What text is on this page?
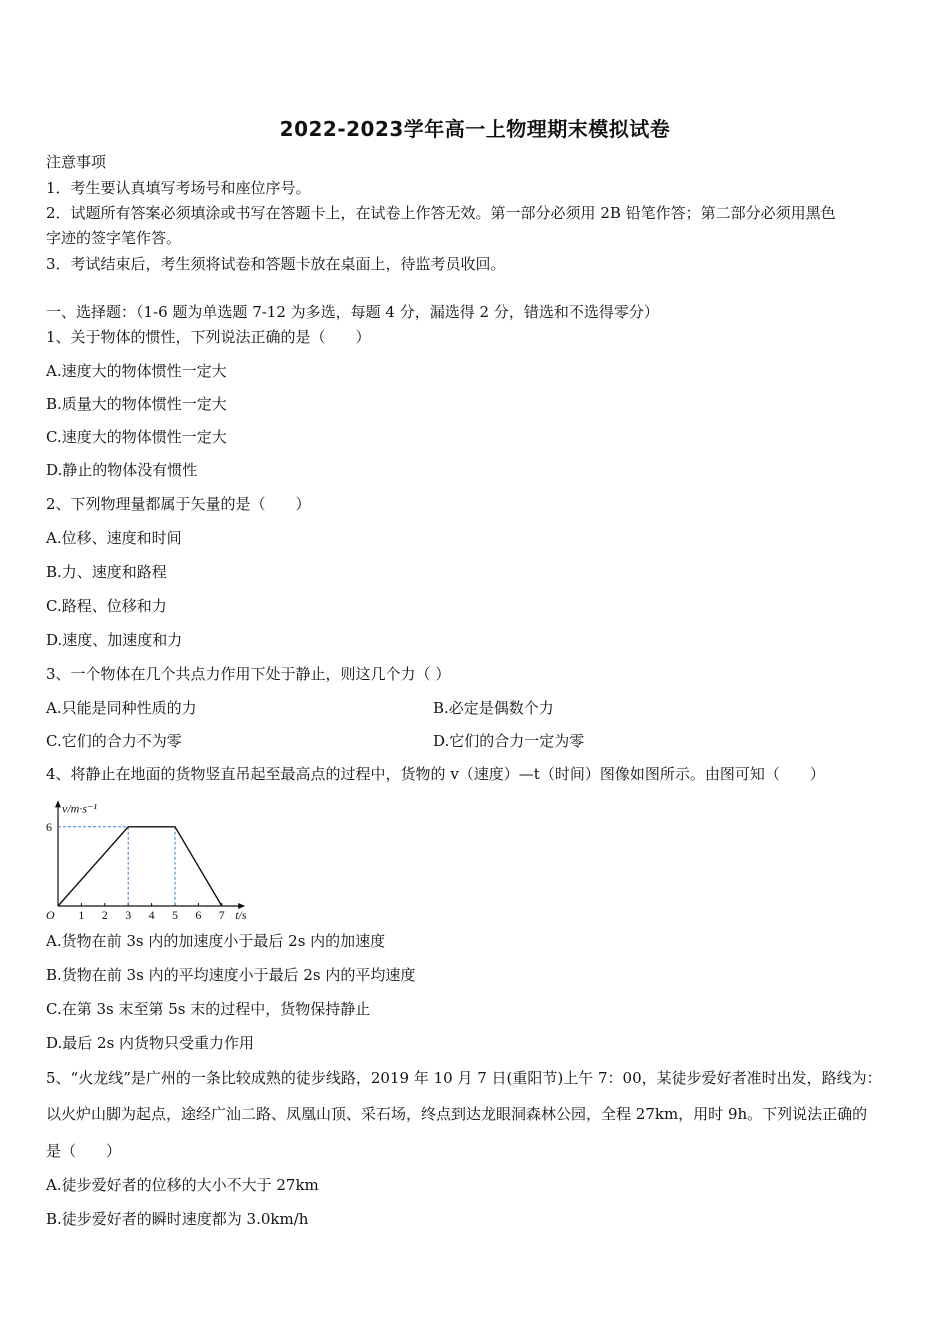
2022-2023学年高一上物理期末模拟试卷
注意事项
1．考生要认真填写考场号和座位序号。
2．试题所有答案必须填涂或书写在答题卡上，在试卷上作答无效。第一部分必须用 2B 铅笔作答；第二部分必须用黑色
字迹的签字笔作答。
3．考试结束后，考生须将试卷和答题卡放在桌面上，待监考员收回。
一、选择题：（1-6 题为单选题 7-12 为多选，每题 4 分，漏选得 2 分，错选和不选得零分）
1、关于物体的惯性，下列说法正确的是（　　）
A.速度大的物体惯性一定大
B.质量大的物体惯性一定大
C.速度大的物体惯性一定大
D.静止的物体没有惯性
2、下列物理量都属于矢量的是（　　）
A.位移、速度和时间
B.力、速度和路程
C.路程、位移和力
D.速度、加速度和力
3、一个物体在几个共点力作用下处于静止，则这几个力（ ）
A.只能是同种性质的力	B.必定是偶数个力
C.它们的合力不为零	D.它们的合力一定为零
4、将静止在地面的货物竖直吊起至最高点的过程中，货物的 v（速度）—t（时间）图像如图所示。由图可知（　　）
t/s
v/m·s⁻¹
O 1 2 3 4 5 6 7
6
A.货物在前 3s 内的加速度小于最后 2s 内的加速度
B.货物在前 3s 内的平均速度小于最后 2s 内的平均速度
C.在第 3s 末至第 5s 末的过程中，货物保持静止
D.最后 2s 内货物只受重力作用
5、“火龙线”是广州的一条比较成熟的徒步线路，2019 年 10 月 7 日(重阳节)上午 7：00，某徒步爱好者准时出发，路线为：
以火炉山脚为起点，途经广汕二路、凤凰山顶、采石场，终点到达龙眼洞森林公园，全程 27km，用时 9h。下列说法正确的
是（　　）
A.徒步爱好者的位移的大小不大于 27km
B.徒步爱好者的瞬时速度都为 3.0km/h
